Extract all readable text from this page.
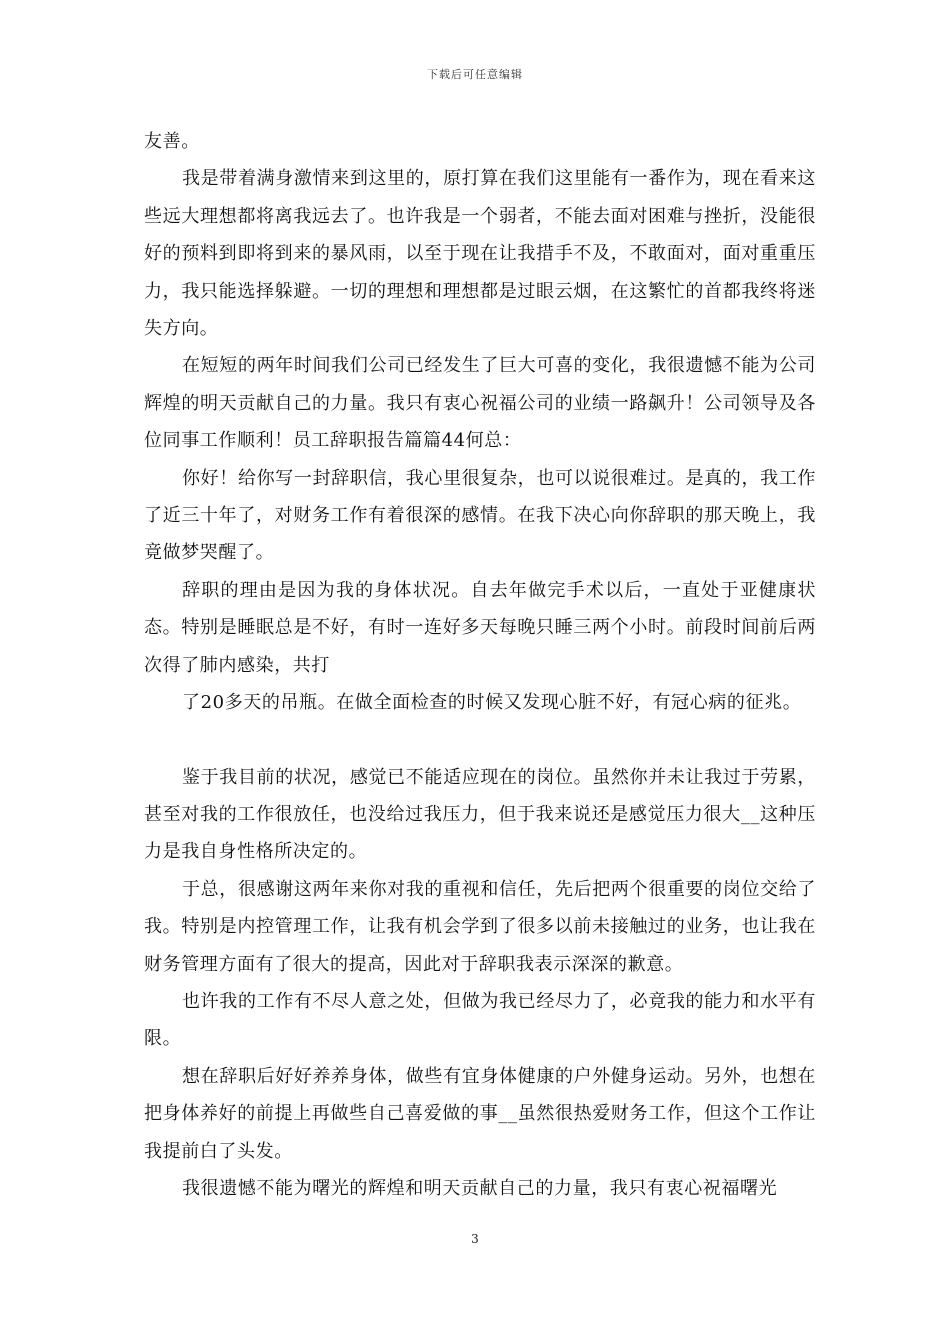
下载后可任意编辑

友善。

我是带着满身激情来到这里的，原打算在我们这里能有一番作为，现在看来这些远大理想都将离我远去了。也许我是一个弱者，不能去面对困难与挫折，没能很好的预料到即将到来的暴风雨，以至于现在让我措手不及，不敢面对，面对重重压力，我只能选择躲避。一切的理想和理想都是过眼云烟，在这繁忙的首都我终将迷失方向。

在短短的两年时间我们公司已经发生了巨大可喜的变化，我很遗憾不能为公司辉煌的明天贡献自己的力量。我只有衷心祝福公司的业绩一路飙升！公司领导及各位同事工作顺利！员工辞职报告篇篇44何总：

你好！给你写一封辞职信，我心里很复杂，也可以说很难过。是真的，我工作了近三十年了，对财务工作有着很深的感情。在我下决心向你辞职的那天晚上，我竟做梦哭醒了。

辞职的理由是因为我的身体状况。自去年做完手术以后，一直处于亚健康状态。特别是睡眠总是不好，有时一连好多天每晚只睡三两个小时。前段时间前后两次得了肺内感染，共打

了20多天的吊瓶。在做全面检查的时候又发现心脏不好，有冠心病的征兆。

鉴于我目前的状况，感觉已不能适应现在的岗位。虽然你并未让我过于劳累，甚至对我的工作很放任，也没给过我压力，但于我来说还是感觉压力很大__这种压力是我自身性格所决定的。

于总，很感谢这两年来你对我的重视和信任，先后把两个很重要的岗位交给了我。特别是内控管理工作，让我有机会学到了很多以前未接触过的业务，也让我在财务管理方面有了很大的提高，因此对于辞职我表示深深的歉意。

也许我的工作有不尽人意之处，但做为我已经尽力了，必竟我的能力和水平有限。

想在辞职后好好养养身体，做些有宜身体健康的户外健身运动。另外，也想在把身体养好的前提上再做些自己喜爱做的事__虽然很热爱财务工作，但这个工作让我提前白了头发。

我很遗憾不能为曙光的辉煌和明天贡献自己的力量，我只有衷心祝福曙光

3
